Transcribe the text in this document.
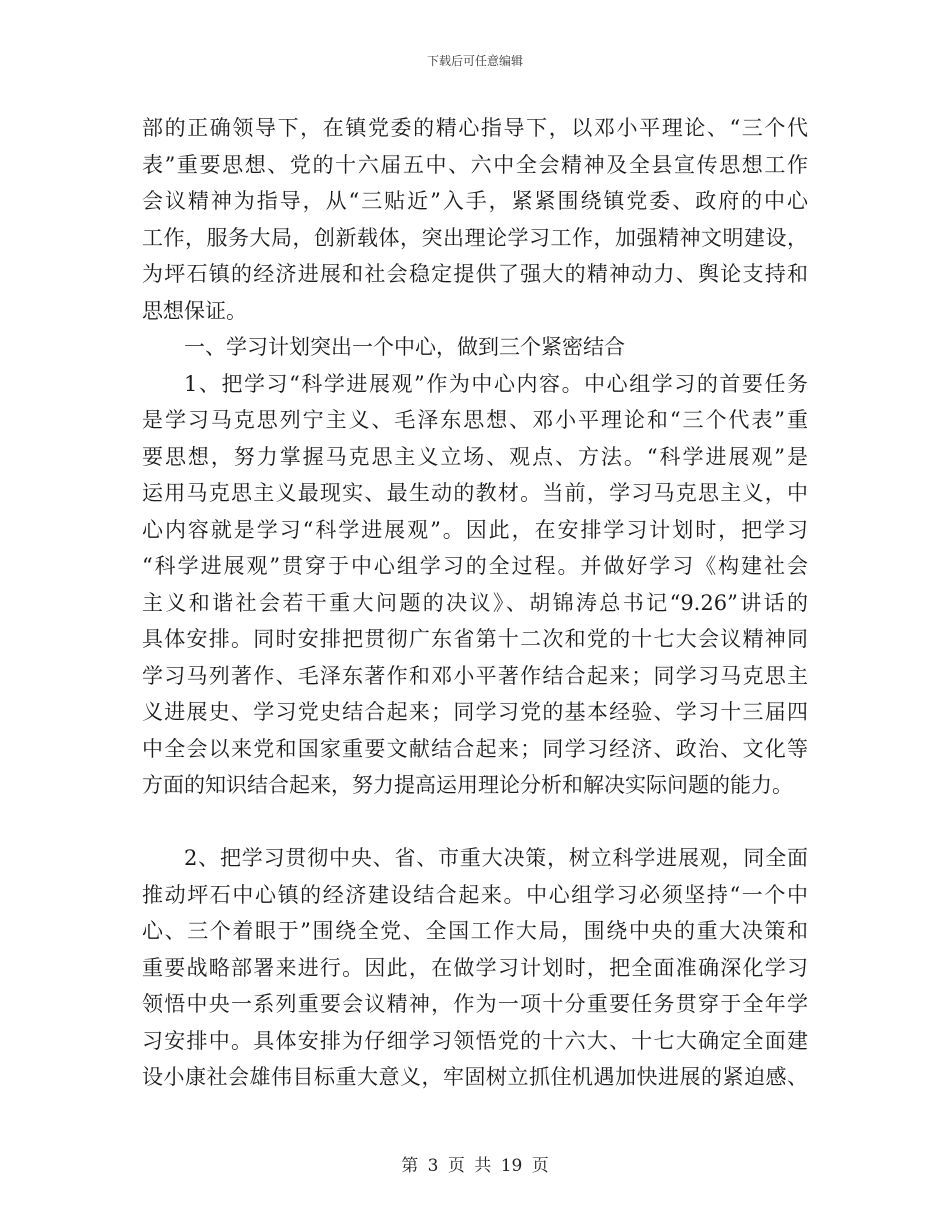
下载后可任意编辑
部的正确领导下，在镇党委的精心指导下，以邓小平理论、“三个代
表”重要思想、党的十六届五中、六中全会精神及全县宣传思想工作
会议精神为指导，从“三贴近”入手，紧紧围绕镇党委、政府的中心
工作，服务大局，创新载体，突出理论学习工作，加强精神文明建设，
为坪石镇的经济进展和社会稳定提供了强大的精神动力、舆论支持和
思想保证。
一、学习计划突出一个中心，做到三个紧密结合
1、把学习“科学进展观”作为中心内容。中心组学习的首要任务
是学习马克思列宁主义、毛泽东思想、邓小平理论和“三个代表”重
要思想，努力掌握马克思主义立场、观点、方法。“科学进展观”是
运用马克思主义最现实、最生动的教材。当前，学习马克思主义，中
心内容就是学习“科学进展观”。因此，在安排学习计划时，把学习
“科学进展观”贯穿于中心组学习的全过程。并做好学习《构建社会
主义和谐社会若干重大问题的决议》、胡锦涛总书记“9.26”讲话的
具体安排。同时安排把贯彻广东省第十二次和党的十七大会议精神同
学习马列著作、毛泽东著作和邓小平著作结合起来；同学习马克思主
义进展史、学习党史结合起来；同学习党的基本经验、学习十三届四
中全会以来党和国家重要文献结合起来；同学习经济、政治、文化等
方面的知识结合起来，努力提高运用理论分析和解决实际问题的能力。
2、把学习贯彻中央、省、市重大决策，树立科学进展观，同全面
推动坪石中心镇的经济建设结合起来。中心组学习必须坚持“一个中
心、三个着眼于”围绕全党、全国工作大局，围绕中央的重大决策和
重要战略部署来进行。因此，在做学习计划时，把全面准确深化学习
领悟中央一系列重要会议精神，作为一项十分重要任务贯穿于全年学
习安排中。具体安排为仔细学习领悟党的十六大、十七大确定全面建
设小康社会雄伟目标重大意义，牢固树立抓住机遇加快进展的紧迫感、
第 3 页 共 19 页
